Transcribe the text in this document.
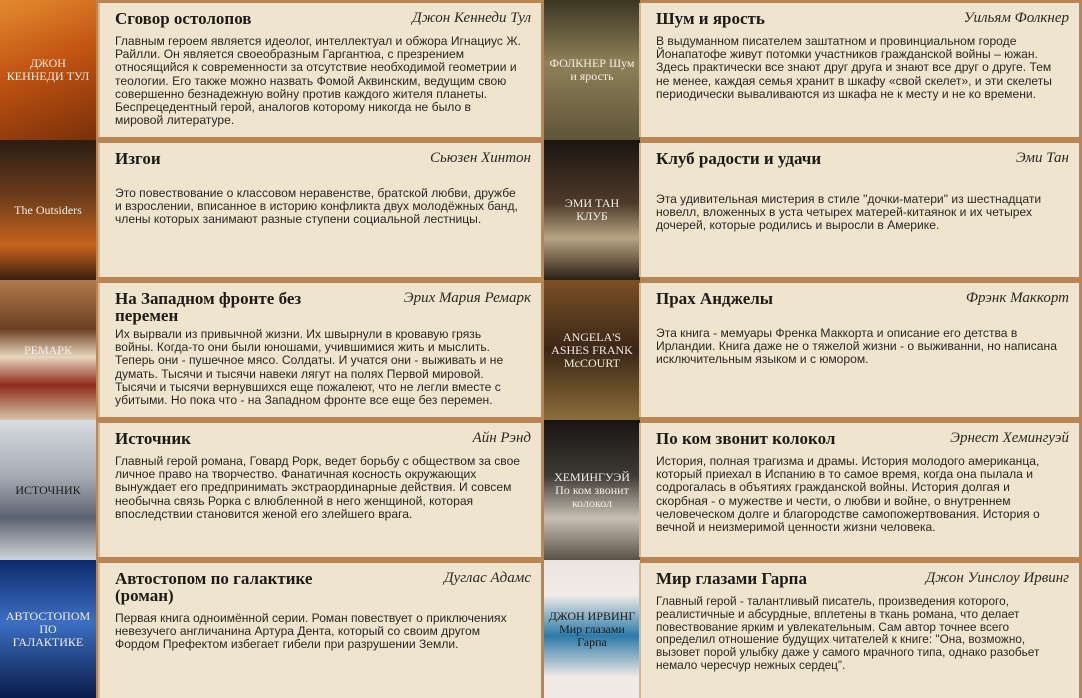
ДЖОН КЕННЕДИ ТУЛ
Сговор остолопов	Джон Кеннеди Тул
Главным героем является идеолог, интеллектуал и обжора Игнациус Ж. Райлли. Он является своеобразным Гаргантюа, с презрением относящийся к современности за отсутствие необходимой геометрии и теологии. Его также можно назвать Фомой Аквинским, ведущим свою совершенно безнадежную войну против каждого жителя планеты. Беспрецедентный герой, аналогов которому никогда не было в мировой литературе.
The Outsiders
Изгои	Сьюзен Хинтон
Это повествование о классовом неравенстве, братской любви, дружбе и взрослении, вписанное в историю конфликта двух молодёжных банд, члены которых занимают разные ступени социальной лестницы.
РЕМАРК
На Западном фронте без перемен
Эрих Мария Ремарк
Их вырвали из привычной жизни. Их швырнули в кровавую грязь войны. Когда-то они были юношами, учившимися жить и мыслить. Теперь они - пушечное мясо. Солдаты. И учатся они - выживать и не думать. Тысячи и тысячи навеки лягут на полях Первой мировой. Тысячи и тысячи вернувшихся еще пожалеют, что не легли вместе с убитыми. Но пока что - на Западном фронте все еще без перемен.
ИСТОЧНИК
Источник	Айн Рэнд
Главный герой романа, Говард Рорк, ведет борьбу с обществом за свое личное право на творчество. Фанатичная косность окружающих вынуждает его предпринимать экстраординарные действия. И совсем необычна связь Рорка с влюбленной в него женщиной, которая впоследствии становится женой его злейшего врага.
АВТОСТОПОМ ПО ГАЛАКТИКЕ
Автостопом по галактике (роман)
Дуглас Адамс
Первая книга одноимённой серии. Роман повествует о приключениях невезучего англичанина Артура Дента, который со своим другом Фордом Префектом избегает гибели при разрушении Земли.
ФОЛКНЕР Шум и ярость
Шум и ярость	Уильям Фолкнер
В выдуманном писателем заштатном и провинциальном городе Йонапатофе живут потомки участников гражданской войны – южан. Здесь практически все знают друг друга и знают все друг о друге. Тем не менее, каждая семья хранит в шкафу «свой скелет», и эти скелеты периодически вываливаются из шкафа не к месту и не ко времени.
ЭМИ ТАН КЛУБ
Клуб радости и удачи	Эми Тан
Эта удивительная мистерия в стиле "дочки-матери" из шестнадцати новелл, вложенных в уста четырех матерей-китаянок и их четырех дочерей, которые родились и выросли в Америке.
ANGELA'S ASHES FRANK McCOURT
Прах Анджелы	Фрэнк Маккорт
Эта книга - мемуары Френка Маккорта и описание его детства в Ирландии. Книга даже не о тяжелой жизни - о выживанни, но написана исключительным языком и с юмором.
ХЕМИНГУЭЙ По ком звонит колокол
По ком звонит колокол	Эрнест Хемингуэй
История, полная трагизма и драмы. История молодого американца, который приехал в Испанию в то самое время, когда она пылала и содрогалась в объятиях гражданской войны. История долгая и скорбная - о мужестве и чести, о любви и войне, о внутреннем человеческом долге и благородстве самопожертвования. История о вечной и неизмеримой ценности жизни человека.
ДЖОН ИРВИНГ Мир глазами Гарпа
Мир глазами Гарпа	Джон Уинслоу Ирвинг
Главный герой - талантливый писатель, произведения которого, реалистичные и абсурдные, вплетены в ткань романа, что делает повествование ярким и увлекательным. Сам автор точнее всего определил отношение будущих читателей к книге: "Она, возможно, вызовет порой улыбку даже у самого мрачного типа, однако разобьет немало чересчур нежных сердец".
